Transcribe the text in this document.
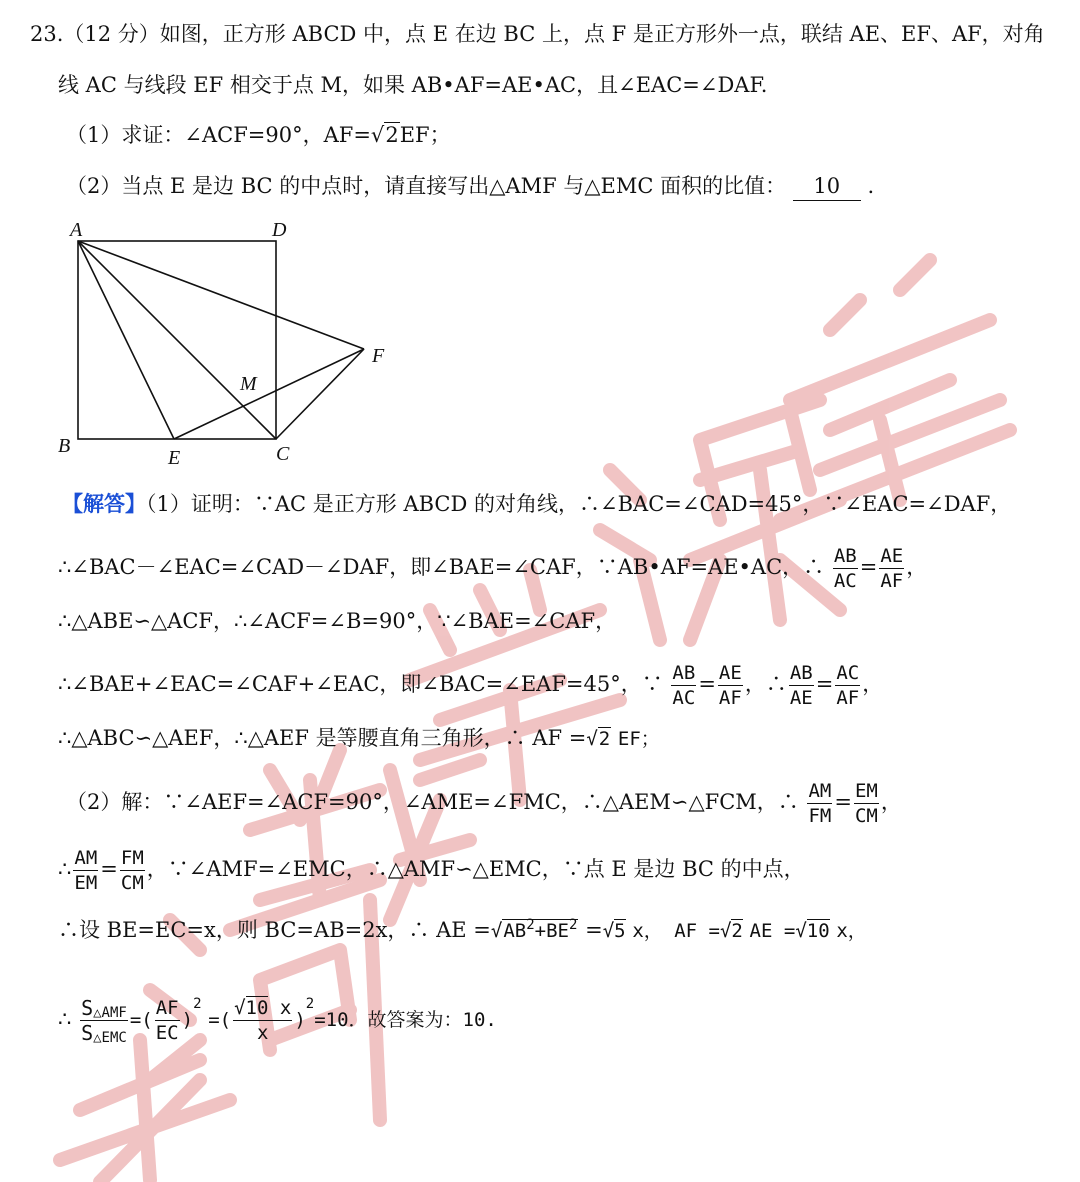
23.（12 分）如图，正方形 ABCD 中，点 E 在边 BC 上，点 F 是正方形外一点，联结 AE、EF、AF，对角
线 AC 与线段 EF 相交于点 M，如果 AB•AF=AE•AC，且∠EAC=∠DAF.
（1）求证：∠ACF=90°，AF=√2EF；
（2）当点 E 是边 BC 的中点时，请直接写出△AMF 与△EMC 面积的比值： 10 .
A	D
B	C
E
F
M
【解答】（1）证明：∵AC 是正方形 ABCD 的对角线，∴∠BAC=∠CAD=45°，∵∠EAC=∠DAF，
∴∠BAC－∠EAC=∠CAD－∠DAF，即∠BAE=∠CAF，∵AB•AF=AE•AC，∴ $\frac{AB}{AC} = \frac{AE}{AF}$ ，
∴△ABE∽△ACF，∴∠ACF=∠B=90°，∵∠BAE=∠CAF，
∴∠BAE+∠EAC=∠CAF+∠EAC，即∠BAC=∠EAF=45°，∵ $\frac{AB}{AC} = \frac{AE}{AF}$ ，∴ $\frac{AB}{AE} = \frac{AC}{AF}$ ，
∴△ABC∽△AEF，∴△AEF 是等腰直角三角形，∴ AF =√2 EF；
（2）解：∵∠AEF=∠ACF=90°，∠AME=∠FMC，∴△AEM∽△FCM，∴ $\frac{AM}{FM} = \frac{EM}{CM}$ ，
∴ $\frac{AM}{EM} = \frac{FM}{CM}$ ，∵∠AMF=∠EMC，∴△AMF∽△EMC，∵点 E 是边 BC 的中点，
∴设 BE=EC=x，则 BC=AB=2x，∴ AE $=√AB^2+BE^2 =√5$ x， AF =√2 AE =√10 x，
∴ $\frac{S_{\triangle AMF}}{S_{\triangle EMC}}$ =( $\frac{AF}{EC} )^2$ =( $\frac{√10 x}{x} )^2=10$．故答案为：10.
